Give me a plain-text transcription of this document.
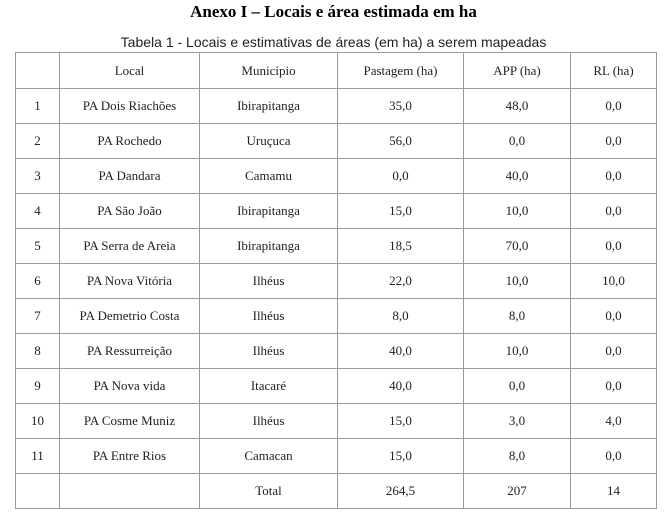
Anexo I – Locais e área estimada em ha
Tabela 1 - Locais e estimativas de áreas (em ha) a serem mapeadas
	Local	Município	Pastagem (ha)	APP (ha)	RL (ha)
1	PA Dois Riachões	Ibirapitanga	35,0	48,0	0,0
2	PA Rochedo	Uruçuca	56,0	0,0	0,0
3	PA Dandara	Camamu	0,0	40,0	0,0
4	PA São João	Ibirapitanga	15,0	10,0	0,0
5	PA Serra de Areia	Ibirapitanga	18,5	70,0	0,0
6	PA Nova Vitória	Ilhéus	22,0	10,0	10,0
7	PA Demetrio Costa	Ilhéus	8,0	8,0	0,0
8	PA Ressurreição	Ilhéus	40,0	10,0	0,0
9	PA Nova vida	Itacaré	40,0	0,0	0,0
10	PA Cosme Muniz	Ilhéus	15,0	3,0	4,0
11	PA Entre Rios	Camacan	15,0	8,0	0,0
		Total	264,5	207	14
